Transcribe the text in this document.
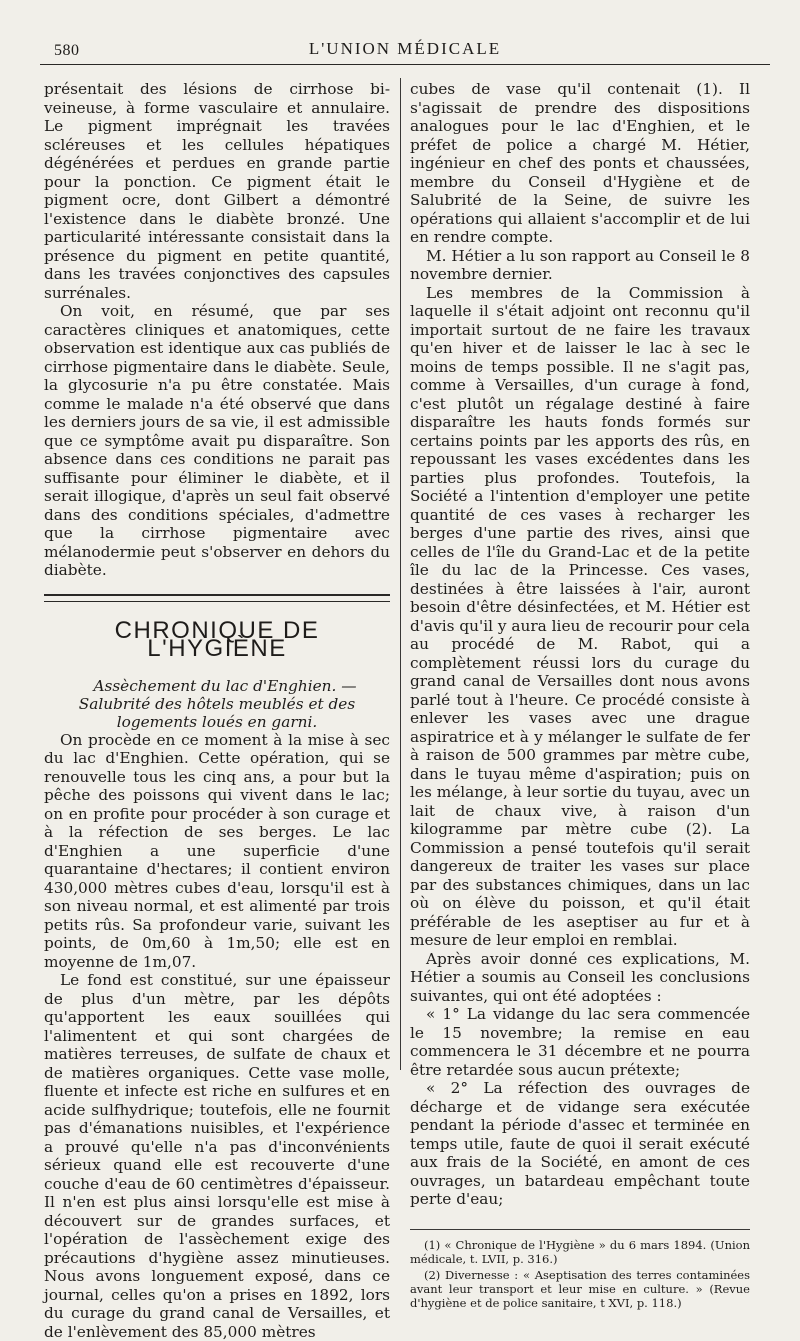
580	L'UNION MÉDICALE

présentait des lésions de cirrhose bi-veineuse, à forme vasculaire et annulaire. Le pigment imprégnait les travées scléreuses et les cellules hépatiques dégénérées et perdues en grande partie pour la ponction. Ce pigment était le pigment ocre, dont Gilbert a démontré l'existence dans le diabète bronzé. Une particularité intéressante consistait dans la présence du pigment en petite quantité, dans les travées conjonctives des capsules surrénales.

On voit, en résumé, que par ses caractères cliniques et anatomiques, cette observation est identique aux cas publiés de cirrhose pigmentaire dans le diabète. Seule, la glycosurie n'a pu être constatée. Mais comme le malade n'a été observé que dans les derniers jours de sa vie, il est admissible que ce symptôme avait pu disparaître. Son absence dans ces conditions ne parait pas suffisante pour éliminer le diabète, et il serait illogique, d'après un seul fait observé dans des conditions spéciales, d'admettre que la cirrhose pigmentaire avec mélanodermie peut s'observer en dehors du diabète.

CHRONIQUE DE L'HYGIÈNE

Assèchement du lac d'Enghien. — Salubrité des hôtels meublés et des logements loués en garni.

On procède en ce moment à la mise à sec du lac d'Enghien. Cette opération, qui se renouvelle tous les cinq ans, a pour but la pêche des poissons qui vivent dans le lac; on en profite pour procéder à son curage et à la réfection de ses berges. Le lac d'Enghien a une superficie d'une quarantaine d'hectares; il contient environ 430,000 mètres cubes d'eau, lorsqu'il est à son niveau normal, et est alimenté par trois petits rûs. Sa profondeur varie, suivant les points, de 0m,60 à 1m,50; elle est en moyenne de 1m,07.

Le fond est constitué, sur une épaisseur de plus d'un mètre, par les dépôts qu'apportent les eaux souillées qui l'alimentent et qui sont chargées de matières terreuses, de sulfate de chaux et de matières organiques. Cette vase molle, fluente et infecte est riche en sulfures et en acide sulfhydrique; toutefois, elle ne fournit pas d'émanations nuisibles, et l'expérience a prouvé qu'elle n'a pas d'inconvénients sérieux quand elle est recouverte d'une couche d'eau de 60 centimètres d'épaisseur. Il n'en est plus ainsi lorsqu'elle est mise à découvert sur de grandes surfaces, et l'opération de l'assèchement exige des précautions d'hygiène assez minutieuses. Nous avons longuement exposé, dans ce journal, celles qu'on a prises en 1892, lors du curage du grand canal de Versailles, et de l'enlèvement des 85,000 mètres

cubes de vase qu'il contenait (1). Il s'agissait de prendre des dispositions analogues pour le lac d'Enghien, et le préfet de police a chargé M. Hétier, ingénieur en chef des ponts et chaussées, membre du Conseil d'Hygiène et de Salubrité de la Seine, de suivre les opérations qui allaient s'accomplir et de lui en rendre compte.

M. Hétier a lu son rapport au Conseil le 8 novembre dernier.

Les membres de la Commission à laquelle il s'était adjoint ont reconnu qu'il importait surtout de ne faire les travaux qu'en hiver et de laisser le lac à sec le moins de temps possible. Il ne s'agit pas, comme à Versailles, d'un curage à fond, c'est plutôt un régalage destiné à faire disparaître les hauts fonds formés sur certains points par les apports des rûs, en repoussant les vases excédentes dans les parties plus profondes. Toutefois, la Société a l'intention d'employer une petite quantité de ces vases à recharger les berges d'une partie des rives, ainsi que celles de l'île du Grand-Lac et de la petite île du lac de la Princesse. Ces vases, destinées à être laissées à l'air, auront besoin d'être désinfectées, et M. Hétier est d'avis qu'il y aura lieu de recourir pour cela au procédé de M. Rabot, qui a complètement réussi lors du curage du grand canal de Versailles dont nous avons parlé tout à l'heure. Ce procédé consiste à enlever les vases avec une drague aspiratrice et à y mélanger le sulfate de fer à raison de 500 grammes par mètre cube, dans le tuyau même d'aspiration; puis on les mélange, à leur sortie du tuyau, avec un lait de chaux vive, à raison d'un kilogramme par mètre cube (2). La Commission a pensé toutefois qu'il serait dangereux de traiter les vases sur place par des substances chimiques, dans un lac où on élève du poisson, et qu'il était préférable de les aseptiser au fur et à mesure de leur emploi en remblai.

Après avoir donné ces explications, M. Hétier a soumis au Conseil les conclusions suivantes, qui ont été adoptées :

« 1° La vidange du lac sera commencée le 15 novembre; la remise en eau commencera le 31 décembre et ne pourra être retardée sous aucun prétexte;

« 2° La réfection des ouvrages de décharge et de vidange sera exécutée pendant la période d'assec et terminée en temps utile, faute de quoi il serait exécuté aux frais de la Société, en amont de ces ouvrages, un batardeau empêchant toute perte d'eau;

(1) « Chronique de l'Hygiène » du 6 mars 1894. (Union médicale, t. LVII, p. 316.)

(2) Divernesse : « Aseptisation des terres contaminées avant leur transport et leur mise en culture. » (Revue d'hygiène et de police sanitaire, t XVI, p. 118.)
